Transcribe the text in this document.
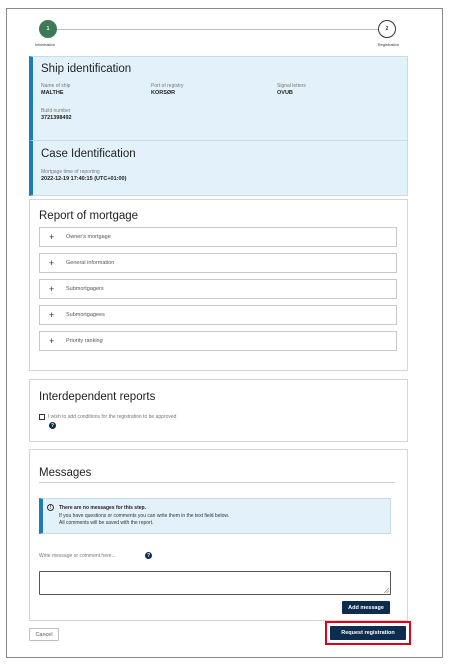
1	2
Information	Registration
Ship identification
Name of ship
MALTHE
Port of registry
KORSØR
Signal letters
OVUB
Build number
3721398492
Case Identification
Mortgage time of reporting
2022-12-19 17:40:15 (UTC+01:00)
Report of mortgage
+	Owner's mortgage
+	General information
+	Submortgagers
+	Submortgagees
+	Priority ranking
Interdependent reports
I wish to add conditions for the registration to be approved
?
Messages
!	There are no messages for this step.
If you have questions or comments you can write them in the text field below.
All comments will be saved with the report.
Write message or comment here...	?
Add message
Cancel	Request registration
